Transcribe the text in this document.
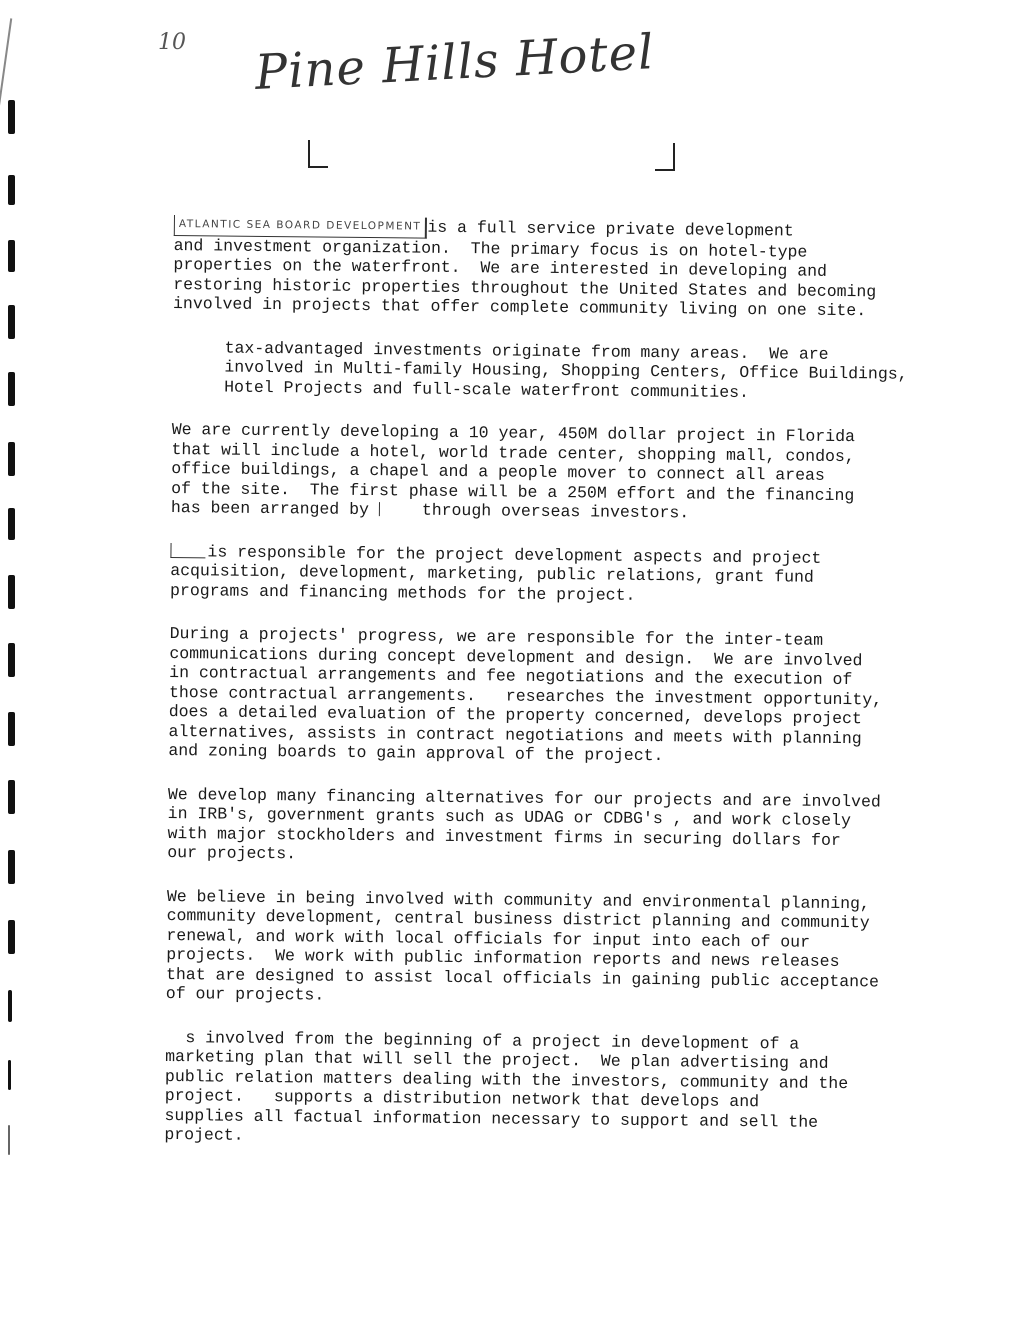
10 Pine Hills Hotel

ATLANTIC SEA BOARD DEVELOPMENT is a full service private development
and investment organization.  The primary focus is on hotel-type
properties on the waterfront.  We are interested in developing and
restoring historic properties throughout the United States and becoming
involved in projects that offer complete community living on one site.

tax-advantaged investments originate from many areas.  We are
involved in Multi-family Housing, Shopping Centers, Office Buildings,
Hotel Projects and full-scale waterfront communities.

We are currently developing a 10 year, 450M dollar project in Florida
that will include a hotel, world trade center, shopping mall, condos,
office buildings, a chapel and a people mover to connect all areas
of the site.  The first phase will be a 250M effort and the financing
has been arranged by	through overseas investors.

is responsible for the project development aspects and project
acquisition, development, marketing, public relations, grant fund
programs and financing methods for the project.

During a projects' progress, we are responsible for the inter-team
communications during concept development and design.  We are involved
in contractual arrangements and fee negotiations and the execution of
those contractual arrangements. researches the investment opportunity,
does a detailed evaluation of the property concerned, develops project
alternatives, assists in contract negotiations and meets with planning
and zoning boards to gain approval of the project.

We develop many financing alternatives for our projects and are involved
in IRB's, government grants such as UDAG or CDBG's , and work closely
with major stockholders and investment firms in securing dollars for
our projects.

We believe in being involved with community and environmental planning,
community development, central business district planning and community
renewal, and work with local officials for input into each of our
projects.  We work with public information reports and news releases
that are designed to assist local officials in gaining public acceptance
of our projects.

s involved from the beginning of a project in development of a
marketing plan that will sell the project.  We plan advertising and
public relation matters dealing with the investors, community and the
project. supports a distribution network that develops and
supplies all factual information necessary to support and sell the
project.
